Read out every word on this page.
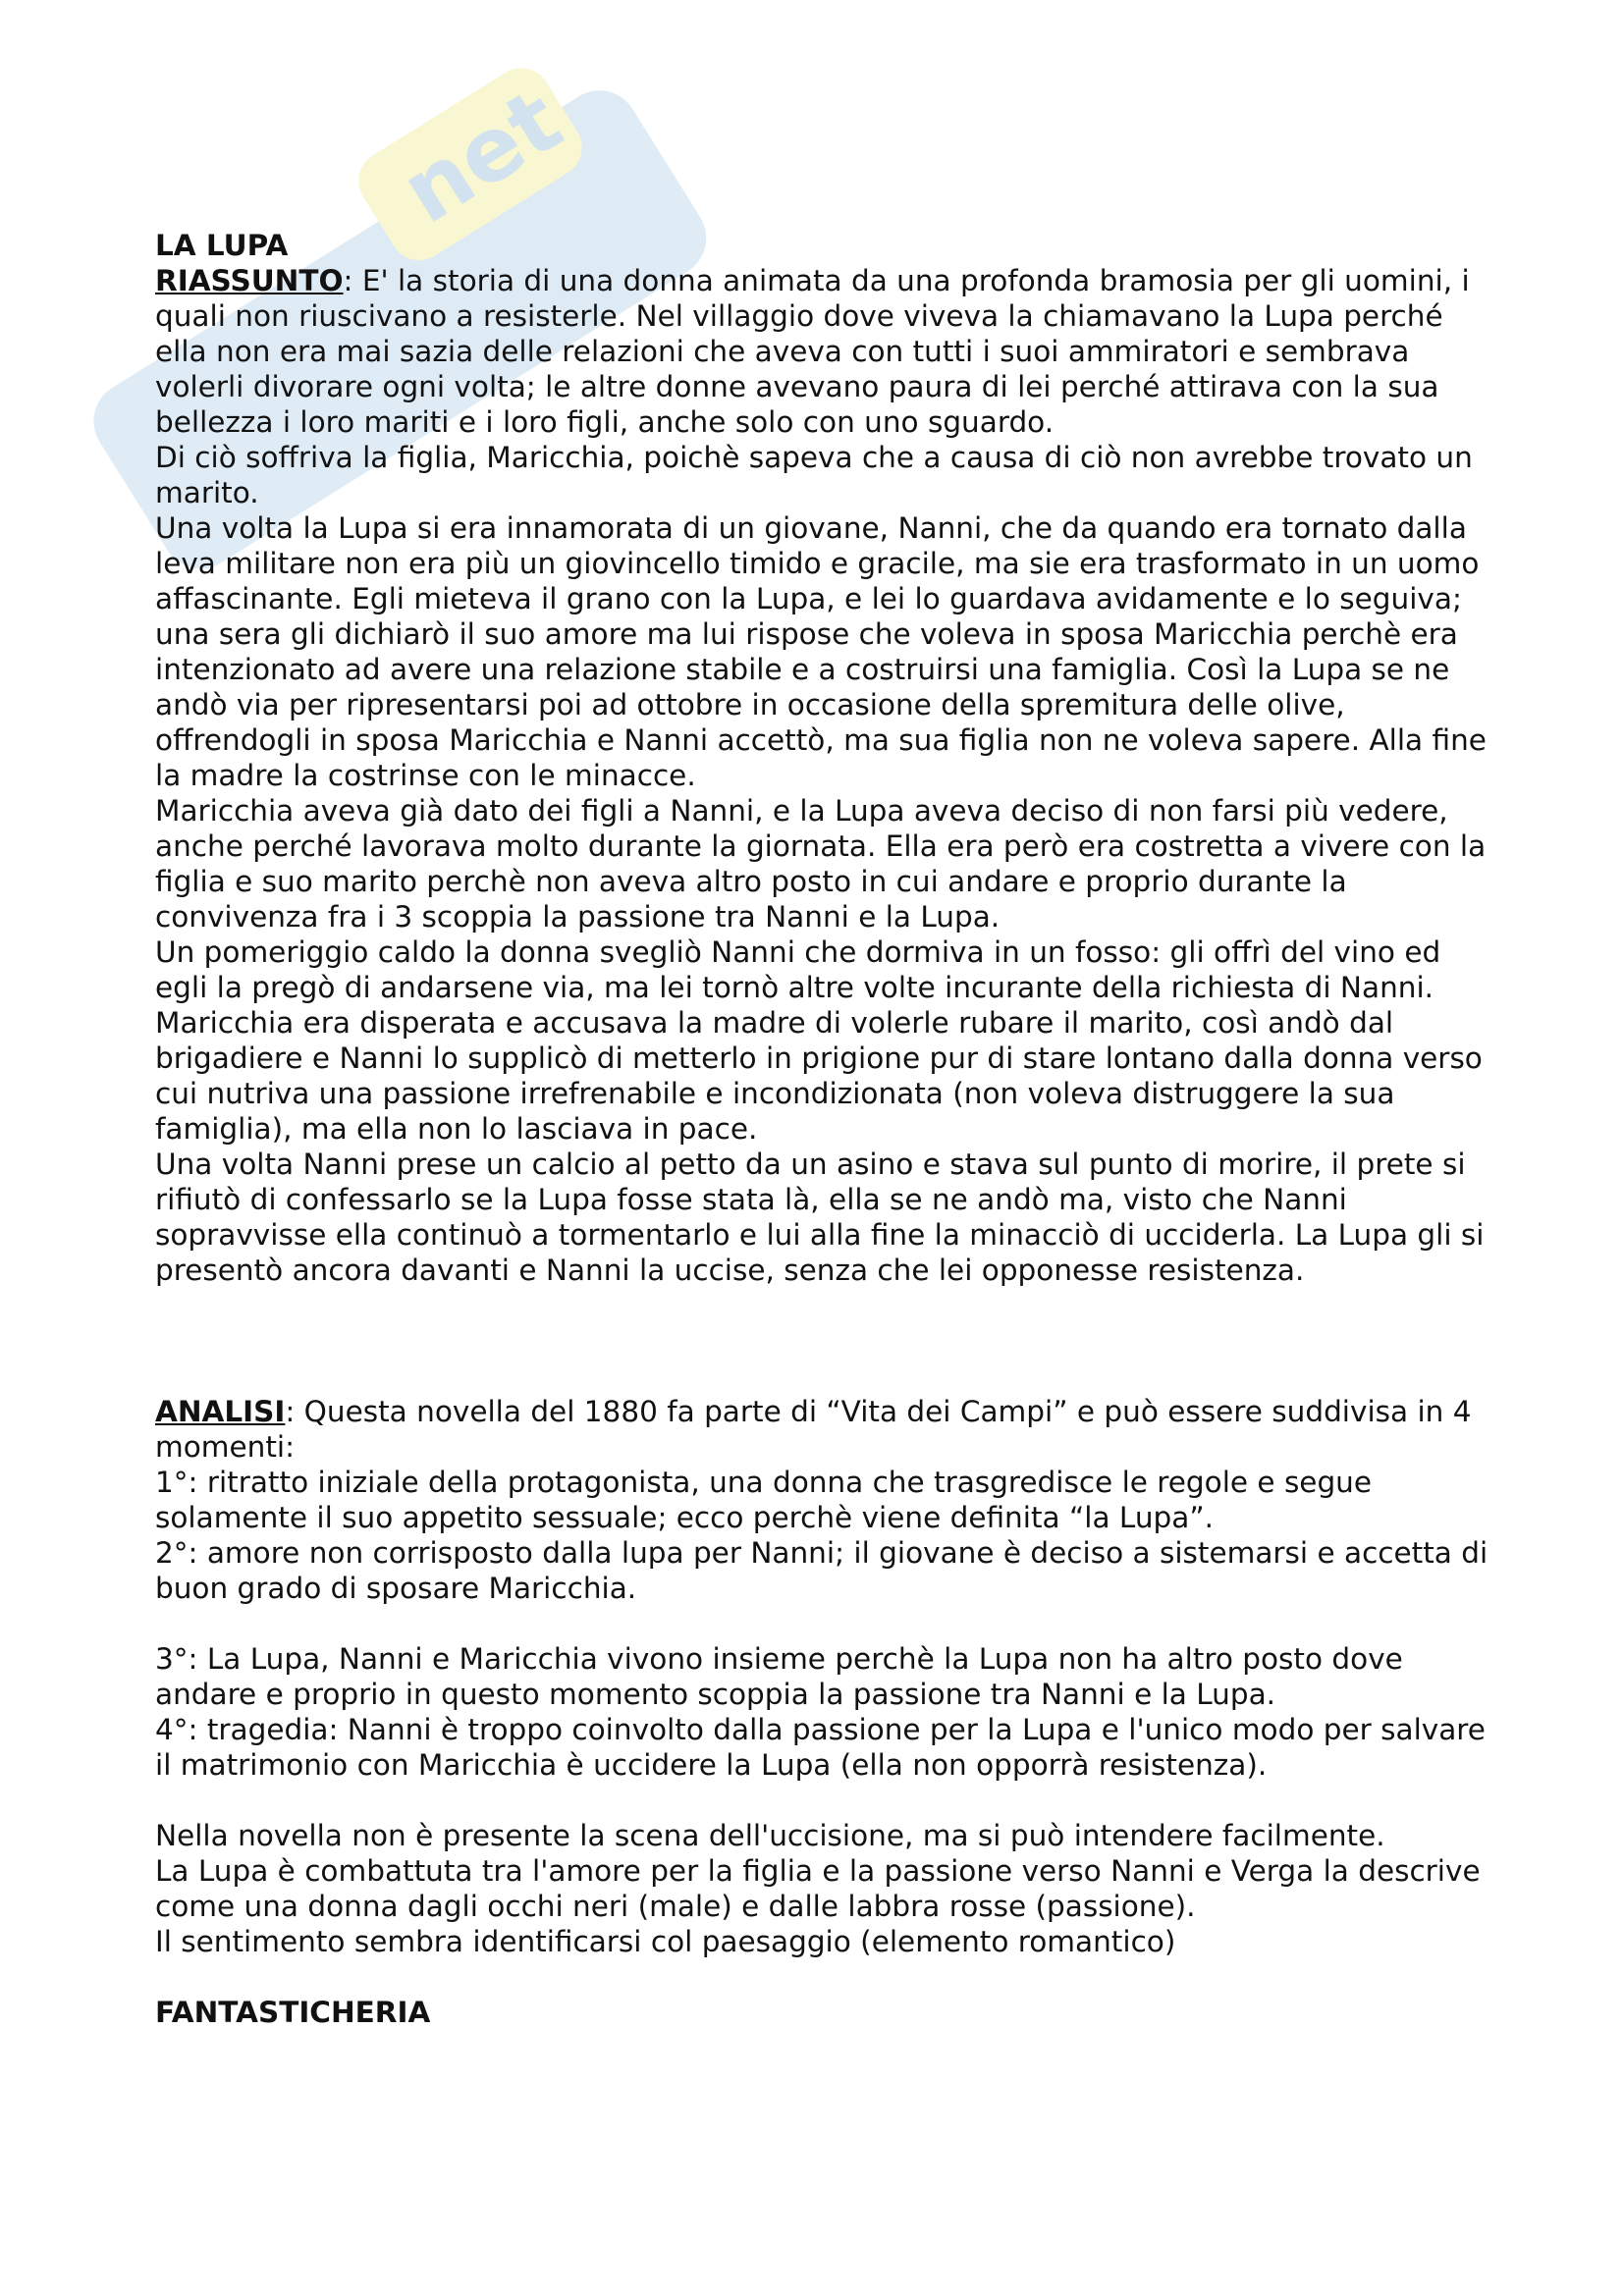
net

LA LUPA

RIASSUNTO: E' la storia di una donna animata da una profonda bramosia per gli uomini, i quali non riuscivano a resisterle. Nel villaggio dove viveva la chiamavano la Lupa perché ella non era mai sazia delle relazioni che aveva con tutti i suoi ammiratori e sembrava volerli divorare ogni volta; le altre donne avevano paura di lei perché attirava con la sua bellezza i loro mariti e i loro figli, anche solo con uno sguardo.

Di ciò soffriva la figlia, Maricchia, poichè sapeva che a causa di ciò non avrebbe trovato un marito.

Una volta la Lupa si era innamorata di un giovane, Nanni, che da quando era tornato dalla leva militare non era più un giovincello timido e gracile, ma sie era trasformato in un uomo affascinante. Egli mieteva il grano con la Lupa, e lei lo guardava avidamente e lo seguiva; una sera gli dichiarò il suo amore ma lui rispose che voleva in sposa Maricchia perchè era intenzionato ad avere una relazione stabile e a costruirsi una famiglia. Così la Lupa se ne andò via per ripresentarsi poi ad ottobre in occasione della spremitura delle olive, offrendogli in sposa Maricchia e Nanni accettò, ma sua figlia non ne voleva sapere. Alla fine la madre la costrinse con le minacce.

Maricchia aveva già dato dei figli a Nanni, e la Lupa aveva deciso di non farsi più vedere, anche perché lavorava molto durante la giornata. Ella era però era costretta a vivere con la figlia e suo marito perchè non aveva altro posto in cui andare e proprio durante la convivenza fra i 3 scoppia la passione tra Nanni e la Lupa.

Un pomeriggio caldo la donna svegliò Nanni che dormiva in un fosso: gli offrì del vino ed egli la pregò di andarsene via, ma lei tornò altre volte incurante della richiesta di Nanni.

Maricchia era disperata e accusava la madre di volerle rubare il marito, così andò dal brigadiere e Nanni lo supplicò di metterlo in prigione pur di stare lontano dalla donna verso cui nutriva una passione irrefrenabile e incondizionata (non voleva distruggere la sua famiglia), ma ella non lo lasciava in pace.

Una volta Nanni prese un calcio al petto da un asino e stava sul punto di morire, il prete si rifiutò di confessarlo se la Lupa fosse stata là, ella se ne andò ma, visto che Nanni sopravvisse ella continuò a tormentarlo e lui alla fine la minacciò di ucciderla. La Lupa gli si presentò ancora davanti e Nanni la uccise, senza che lei opponesse resistenza.

ANALISI: Questa novella del 1880 fa parte di “Vita dei Campi” e può essere suddivisa in 4 momenti:

1°: ritratto iniziale della protagonista, una donna che trasgredisce le regole e segue solamente il suo appetito sessuale; ecco perchè viene definita “la Lupa”.

2°: amore non corrisposto dalla lupa per Nanni; il giovane è deciso a sistemarsi e accetta di buon grado di sposare Maricchia.

3°: La Lupa, Nanni e Maricchia vivono insieme perchè la Lupa non ha altro posto dove andare e proprio in questo momento scoppia la passione tra Nanni e la Lupa.

4°: tragedia: Nanni è troppo coinvolto dalla passione per la Lupa e l'unico modo per salvare il matrimonio con Maricchia è uccidere la Lupa (ella non opporrà resistenza).

Nella novella non è presente la scena dell'uccisione, ma si può intendere facilmente.

La Lupa è combattuta tra l'amore per la figlia e la passione verso Nanni e Verga la descrive come una donna dagli occhi neri (male) e dalle labbra rosse (passione).

Il sentimento sembra identificarsi col paesaggio (elemento romantico)

FANTASTICHERIA
